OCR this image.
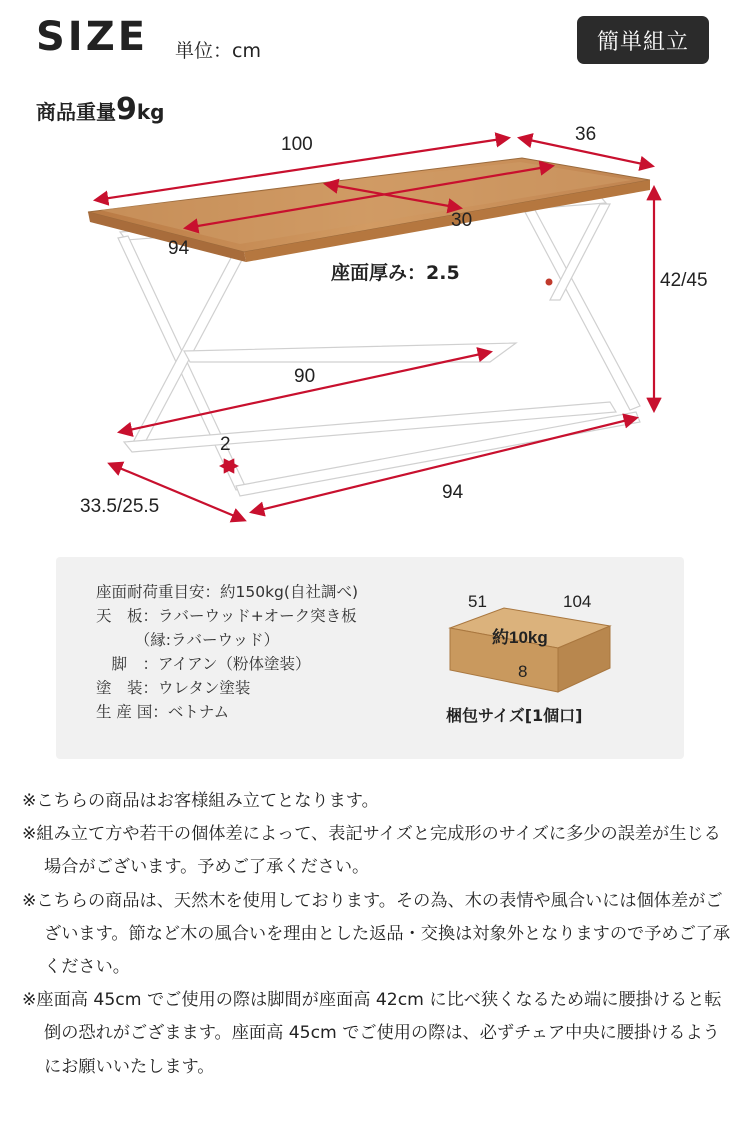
SIZE 単位：cm	簡単組立
商品重量9kg
100	36
94
30
座面厚み：2.5	42/45
90
2
33.5/25.5
94
座面耐荷重目安：約150kg(自社調べ)
天　板：ラバーウッド+オーク突き板
　　　（縁:ラバーウッド）
　脚　：アイアン（粉体塗装）
塗　装：ウレタン塗装
生 産 国：ベトナム
51	104
約10kg
8
梱包サイズ[1個口]
※こちらの商品はお客様組み立てとなります。
※組み立て方や若干の個体差によって、表記サイズと完成形のサイズに多少の誤差が生じる場合がございます。予めご了承ください。
※こちらの商品は、天然木を使用しております。その為、木の表情や風合いには個体差がございます。節など木の風合いを理由とした返品・交換は対象外となりますので予めご了承ください。
※座面高 45cm でご使用の際は脚間が座面高 42cm に比べ狭くなるため端に腰掛けると転倒の恐れがござまます。座面高 45cm でご使用の際は、必ずチェア中央に腰掛けるようにお願いいたします。
